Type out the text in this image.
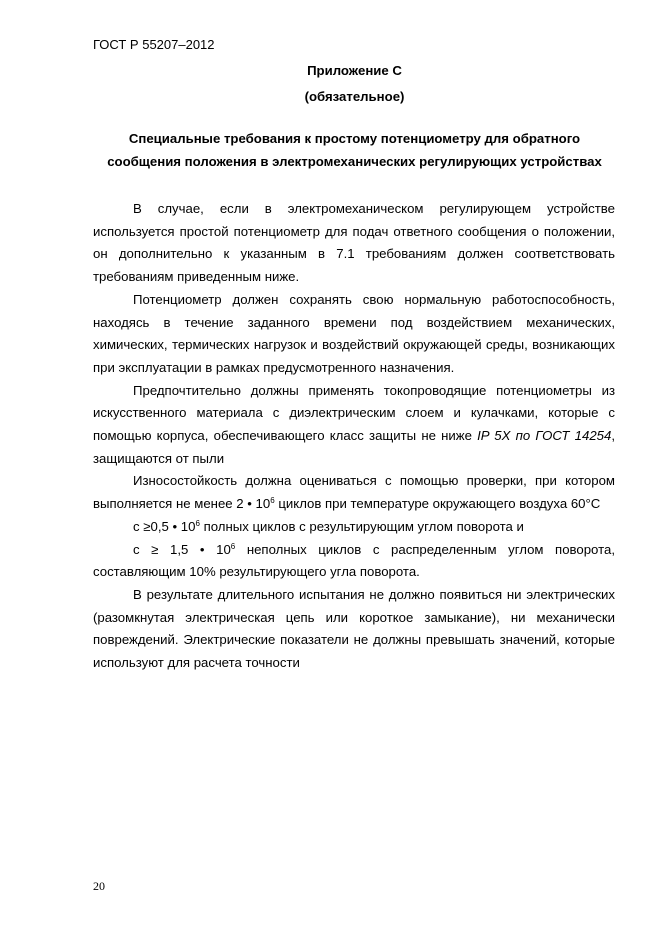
ГОСТ Р 55207–2012
Приложение С
(обязательное)
Специальные требования к простому потенциометру для обратного
сообщения положения в электромеханических регулирующих устройствах

В случае, если в электромеханическом регулирующем устройстве используется простой потенциометр для подач ответного сообщения о положении, он дополнительно к указанным в 7.1 требованиям должен соответствовать требованиям приведенным ниже.

Потенциометр должен сохранять свою нормальную работоспособность, находясь в течение заданного времени под воздействием механических, химических, термических нагрузок и воздействий окружающей среды, возникающих при эксплуатации в рамках предусмотренного назначения.

Предпочтительно должны применять токопроводящие потенциометры из искусственного материала с диэлектрическим слоем и кулачками, которые с помощью корпуса, обеспечивающего класс защиты не ниже IP 5X по ГОСТ 14254, защищаются от пыли

Износостойкость должна оцениваться с помощью проверки, при котором выполняется не менее 2 • $10^6$ циклов при температуре окружающего воздуха 60°С

с ≥0,5 • $10^6$ полных циклов с результирующим углом поворота и

с ≥ 1,5 • $10^6$ неполных циклов с распределенным углом поворота, составляющим 10% результирующего угла поворота.

В результате длительного испытания не должно появиться ни электрических (разомкнутая электрическая цепь или короткое замыкание), ни механически повреждений. Электрические показатели не должны превышать значений, которые используют для расчета точности

20
